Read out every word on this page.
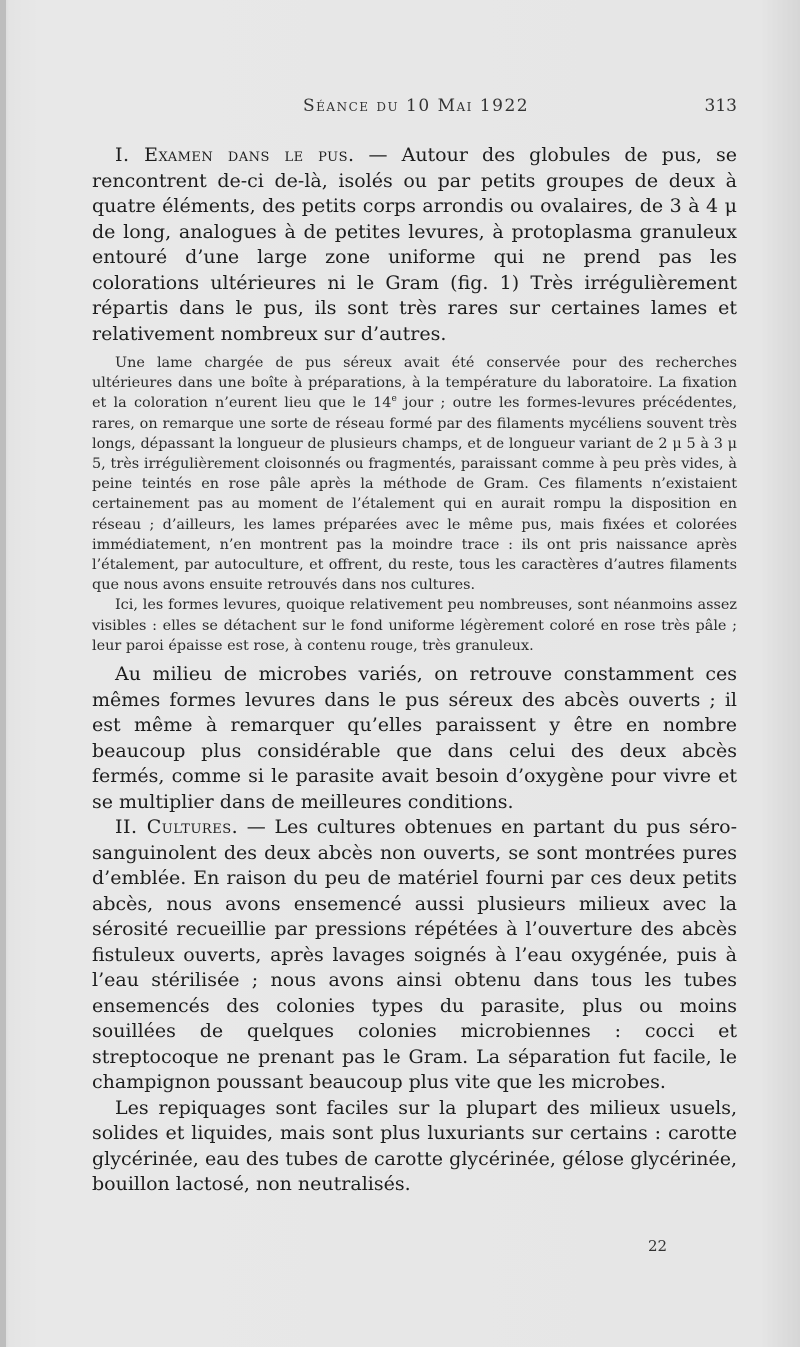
Séance du 10 Mai 1922	313

I. Examen dans le pus. — Autour des globules de pus, se rencontrent de-ci de-là, isolés ou par petits groupes de deux à quatre éléments, des petits corps arrondis ou ovalaires, de 3 à 4 μ de long, analogues à de petites levures, à protoplasma granuleux entouré d’une large zone uniforme qui ne prend pas les colorations ultérieures ni le Gram (fig. 1) Très irrégulièrement répartis dans le pus, ils sont très rares sur certaines lames et relativement nombreux sur d’autres.

Une lame chargée de pus séreux avait été conservée pour des recherches ultérieures dans une boîte à préparations, à la température du laboratoire. La fixation et la coloration n’eurent lieu que le 14e jour ; outre les formes-levures précédentes, rares, on remarque une sorte de réseau formé par des filaments mycéliens souvent très longs, dépassant la longueur de plusieurs champs, et de longueur variant de 2 μ 5 à 3 μ 5, très irrégulièrement cloisonnés ou fragmentés, paraissant comme à peu près vides, à peine teintés en rose pâle après la méthode de Gram. Ces filaments n’existaient certainement pas au moment de l’étalement qui en aurait rompu la disposition en réseau ; d’ailleurs, les lames préparées avec le même pus, mais fixées et colorées immédiatement, n’en montrent pas la moindre trace : ils ont pris naissance après l’étalement, par autoculture, et offrent, du reste, tous les caractères d’autres filaments que nous avons ensuite retrouvés dans nos cultures.

Ici, les formes levures, quoique relativement peu nombreuses, sont néanmoins assez visibles : elles se détachent sur le fond uniforme légèrement coloré en rose très pâle ; leur paroi épaisse est rose, à contenu rouge, très granuleux.

Au milieu de microbes variés, on retrouve constamment ces mêmes formes levures dans le pus séreux des abcès ouverts ; il est même à remarquer qu’elles paraissent y être en nombre beaucoup plus considérable que dans celui des deux abcès fermés, comme si le parasite avait besoin d’oxygène pour vivre et se multiplier dans de meilleures conditions.

II. Cultures. — Les cultures obtenues en partant du pus séro-sanguinolent des deux abcès non ouverts, se sont montrées pures d’emblée. En raison du peu de matériel fourni par ces deux petits abcès, nous avons ensemencé aussi plusieurs milieux avec la sérosité recueillie par pressions répétées à l’ouverture des abcès fistuleux ouverts, après lavages soignés à l’eau oxygénée, puis à l’eau stérilisée ; nous avons ainsi obtenu dans tous les tubes ensemencés des colonies types du parasite, plus ou moins souillées de quelques colonies microbiennes : cocci et streptocoque ne prenant pas le Gram. La séparation fut facile, le champignon poussant beaucoup plus vite que les microbes.

Les repiquages sont faciles sur la plupart des milieux usuels, solides et liquides, mais sont plus luxuriants sur certains : carotte glycérinée, eau des tubes de carotte glycérinée, gélose glycérinée, bouillon lactosé, non neutralisés.

22
